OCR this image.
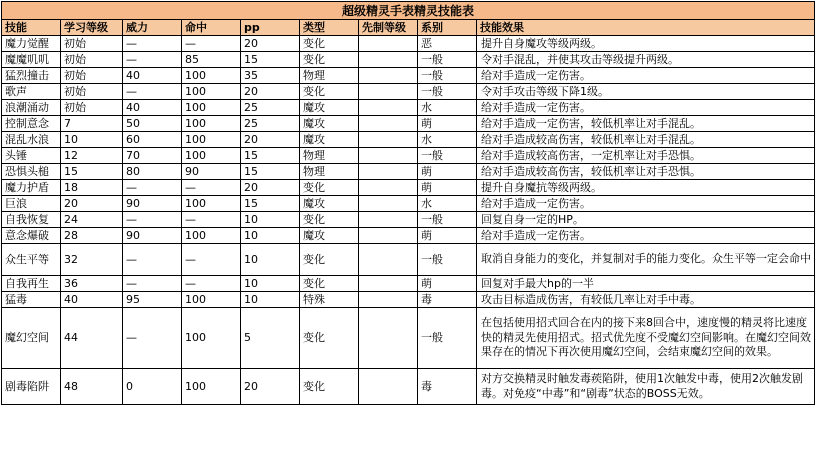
超级精灵手表精灵技能表								
技能	学习等级	威力	命中	pp	类型	先制等级	系别	技能效果
魔力觉醒	初始	—	—	20	变化		恶	提升自身魔攻等级两级。
魔魔叽叽	初始	—	85	15	变化		一般	令对手混乱，并使其攻击等级提升两级。
猛烈撞击	初始	40	100	35	物理		一般	给对手造成一定伤害。
歌声	初始	—	100	20	变化		一般	令对手攻击等级下降1级。
浪潮涌动	初始	40	100	25	魔攻		水	给对手造成一定伤害。
控制意念	7	50	100	25	魔攻		萌	给对手造成一定伤害，较低机率让对手混乱。
混乱水浪	10	60	100	20	魔攻		水	给对手造成较高伤害，较低机率让对手混乱。
头锤	12	70	100	15	物理		一般	给对手造成较高伤害，一定机率让对手恐惧。
恐惧头槌	15	80	90	15	物理		萌	给对手造成较高伤害，较低机率让对手恐惧。
魔力护盾	18	—	—	20	变化		萌	提升自身魔抗等级两级。
巨浪	20	90	100	15	魔攻		水	给对手造成一定伤害。
自我恢复	24	—	—	10	变化		一般	回复自身一定的HP。
意念爆破	28	90	100	10	魔攻		萌	给对手造成一定伤害。
众生平等	32	—	—	10	变化		一般	取消自身能力的变化，并复制对手的能力变化。众生平等一定会命中
自我再生	36	—	—	10	变化		萌	回复对手最大hp的一半
猛毒	40	95	100	10	特殊		毒	攻击目标造成伤害，有较低几率让对手中毒。
魔幻空间	44	—	100	5	变化		一般	在包括使用招式回合在内的接下来8回合中，速度慢的精灵将比速度快的精灵先使用招式。招式优先度不受魔幻空间影响。在魔幻空间效果存在的情况下再次使用魔幻空间，会结束魔幻空间的效果。
剧毒陷阱	48	0	100	20	变化		毒	对方交换精灵时触发毒蒺陷阱，使用1次触发中毒，使用2次触发剧毒。对免疫“中毒”和“剧毒”状态的BOSS无效。
